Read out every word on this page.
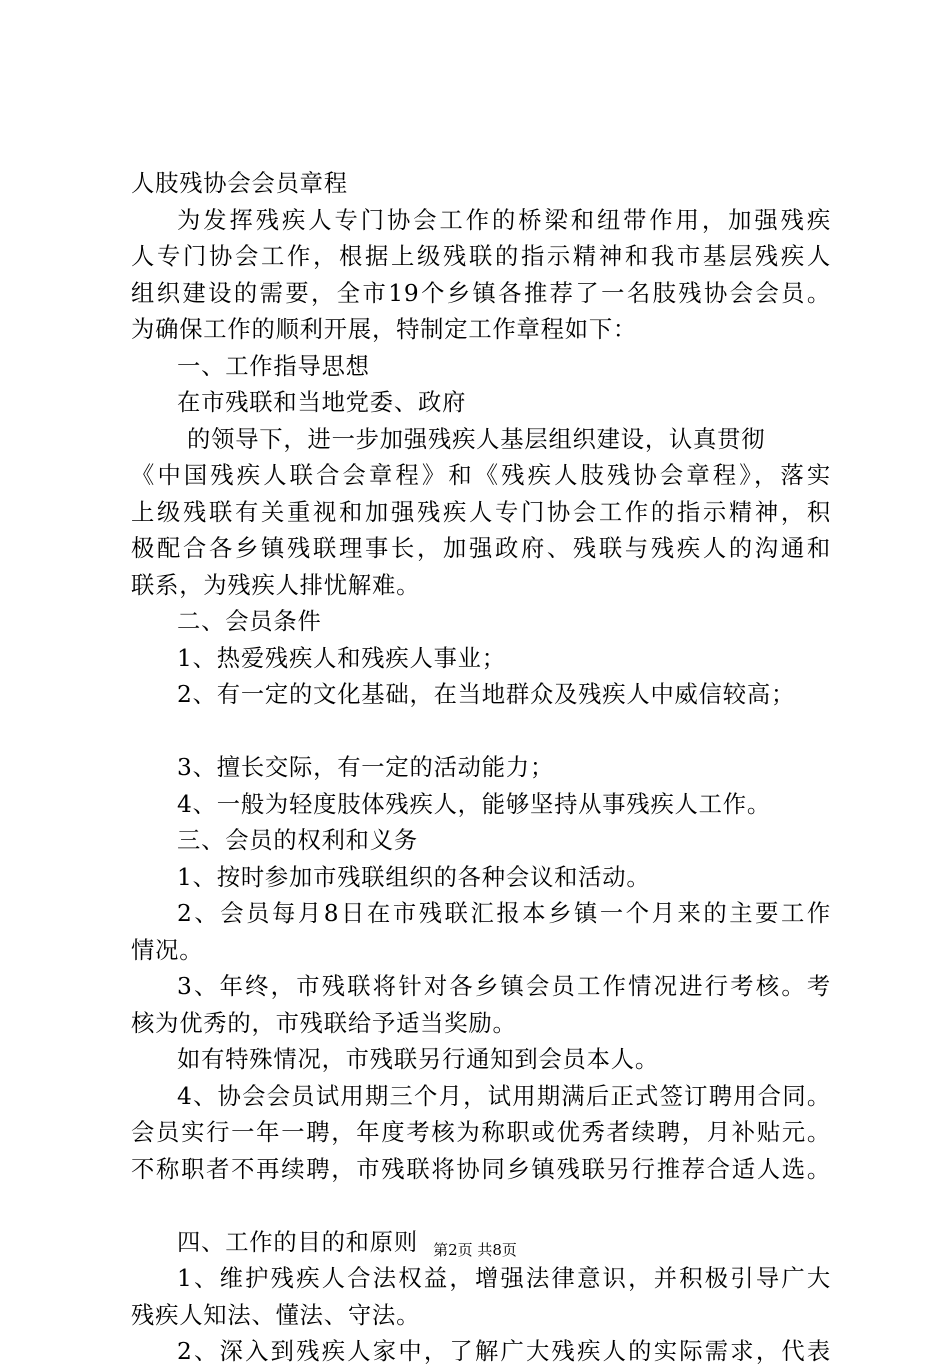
人肢残协会会员章程
为发挥残疾人专门协会工作的桥梁和纽带作用，加强残疾
人专门协会工作，根据上级残联的指示精神和我市基层残疾人
组织建设的需要，全市19个乡镇各推荐了一名肢残协会会员。
为确保工作的顺利开展，特制定工作章程如下：
一、工作指导思想
在市残联和当地党委、政府
的领导下，进一步加强残疾人基层组织建设，认真贯彻
《中国残疾人联合会章程》和《残疾人肢残协会章程》，落实
上级残联有关重视和加强残疾人专门协会工作的指示精神，积
极配合各乡镇残联理事长，加强政府、残联与残疾人的沟通和
联系，为残疾人排忧解难。
二、会员条件
1、热爱残疾人和残疾人事业；
2、有一定的文化基础，在当地群众及残疾人中威信较高；
3、擅长交际，有一定的活动能力；
4、一般为轻度肢体残疾人，能够坚持从事残疾人工作。
三、会员的权利和义务
1、按时参加市残联组织的各种会议和活动。
2、会员每月8日在市残联汇报本乡镇一个月来的主要工作
情况。
3、年终，市残联将针对各乡镇会员工作情况进行考核。考
核为优秀的，市残联给予适当奖励。
如有特殊情况，市残联另行通知到会员本人。
4、协会会员试用期三个月，试用期满后正式签订聘用合同。
会员实行一年一聘，年度考核为称职或优秀者续聘，月补贴元。
不称职者不再续聘，市残联将协同乡镇残联另行推荐合适人选。
四、工作的目的和原则
1、维护残疾人合法权益，增强法律意识，并积极引导广大
残疾人知法、懂法、守法。
2、深入到残疾人家中，了解广大残疾人的实际需求，代表
第2页 共8页
